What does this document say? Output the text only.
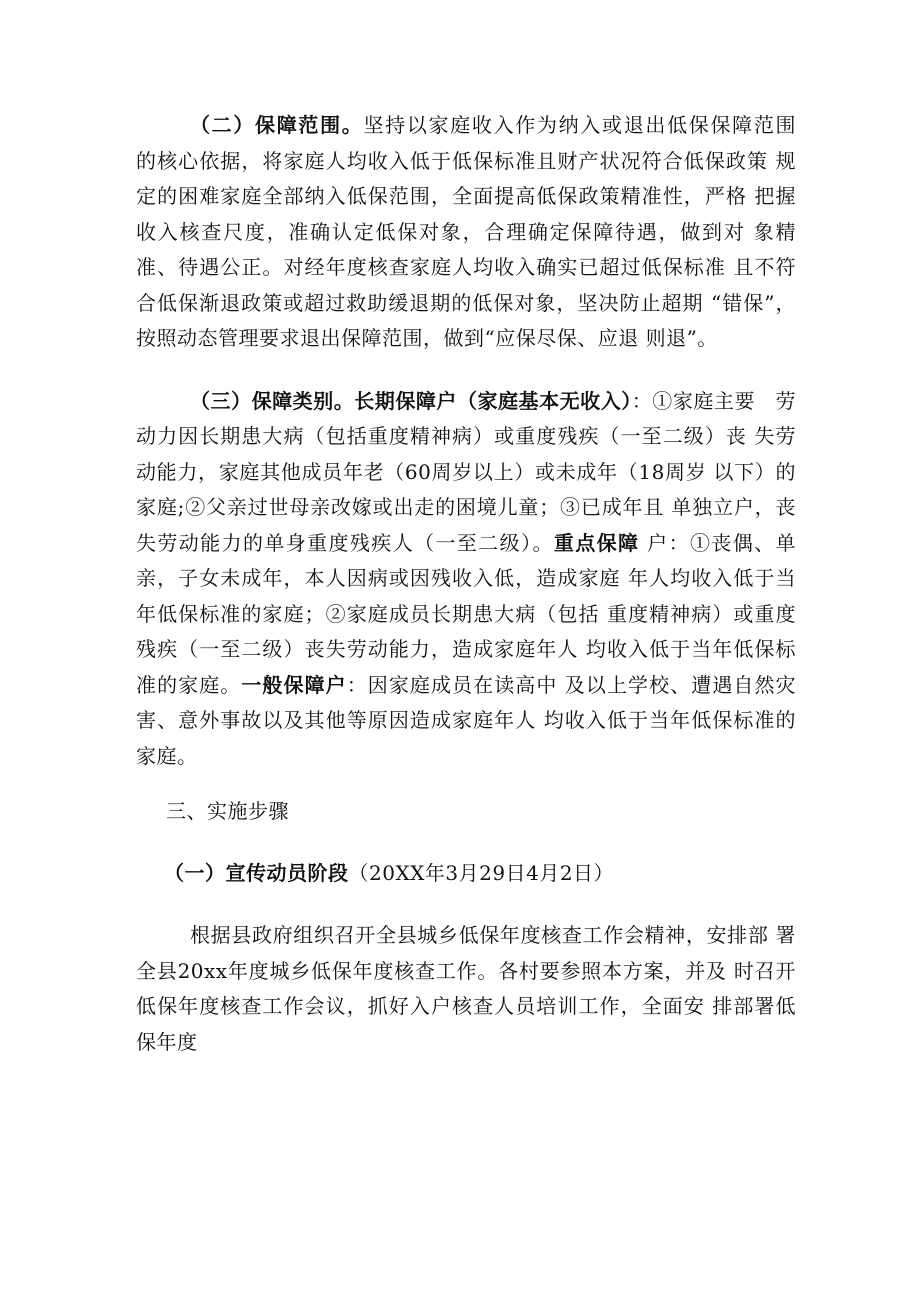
（二）保障范围。坚持以家庭收入作为纳入或退出低保保障范围　的核心依据，将家庭人均收入低于低保标准且财产状况符合低保政策 规定的困难家庭全部纳入低保范围，全面提高低保政策精准性，严格 把握收入核查尺度，准确认定低保对象，合理确定保障待遇，做到对 象精准、待遇公正。对经年度核查家庭人均收入确实已超过低保标准 且不符合低保渐退政策或超过救助缓退期的低保对象，坚决防止超期 “错保”，按照动态管理要求退出保障范围，做到“应保尽保、应退 则退”。

（三）保障类别。长期保障户（家庭基本无收入）：①家庭主要　劳动力因长期患大病（包括重度精神病）或重度残疾（一至二级）丧 失劳动能力，家庭其他成员年老（60周岁以上）或未成年（18周岁 以下）的家庭;②父亲过世母亲改嫁或出走的困境儿童；③已成年且 单独立户，丧失劳动能力的单身重度残疾人（一至二级）。重点保障 户：①丧偶、单亲，子女未成年，本人因病或因残收入低，造成家庭 年人均收入低于当年低保标准的家庭；②家庭成员长期患大病（包括 重度精神病）或重度残疾（一至二级）丧失劳动能力，造成家庭年人 均收入低于当年低保标准的家庭。一般保障户：因家庭成员在读高中 及以上学校、遭遇自然灾害、意外事故以及其他等原因造成家庭年人 均收入低于当年低保标准的家庭。

三、实施步骤

（一）宣传动员阶段（20XX年3月29日4月2日）

根据县政府组织召开全县城乡低保年度核查工作会精神，安排部 署全县20xx年度城乡低保年度核查工作。各村要参照本方案，并及 时召开低保年度核查工作会议，抓好入户核查人员培训工作，全面安 排部署低保年度
